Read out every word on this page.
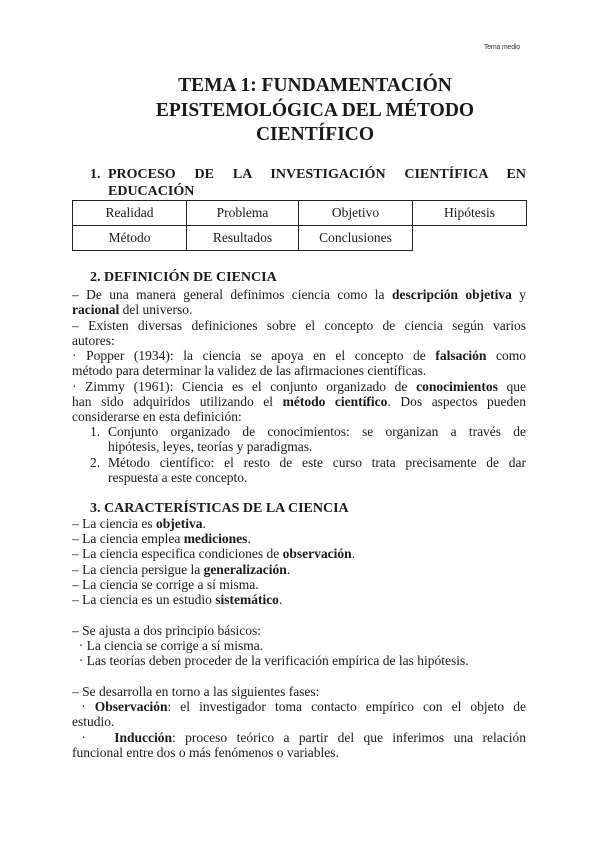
Tema medio
TEMA 1: FUNDAMENTACIÓN
EPISTEMOLÓGICA DEL MÉTODO
CIENTÍFICO
1. PROCESO DE LA INVESTIGACIÓN CIENTÍFICA EN
EDUCACIÓN
Realidad	Problema	Objetivo	Hipótesis
Método	Resultados	Conclusiones	
2. DEFINICIÓN DE CIENCIA
– De una manera general definimos ciencia como la descripción objetiva y
racional del universo.
– Existen diversas definiciones sobre el concepto de ciencia según varios
autores:
· Popper (1934): la ciencia se apoya en el concepto de falsación como
método para determinar la validez de las afirmaciones científicas.
· Zimmy (1961): Ciencia es el conjunto organizado de conocimientos que
han sido adquiridos utilizando el método científico. Dos aspectos pueden
considerarse en esta definición:
1. Conjunto organizado de conocimientos: se organizan a través de
hipótesis, leyes, teorías y paradigmas.
2. Método científico: el resto de este curso trata precisamente de dar
respuesta a este concepto.
3. CARACTERÍSTICAS DE LA CIENCIA
– La ciencia es objetiva.
– La ciencia emplea mediciones.
– La ciencia especifica condiciones de observación.
– La ciencia persigue la generalización.
– La ciencia se corrige a sí misma.
– La ciencia es un estudio sistemático.
– Se ajusta a dos principio básicos:
· La ciencia se corrige a sí misma.
· Las teorías deben proceder de la verificación empírica de las hipótesis.
– Se desarrolla en torno a las siguientes fases:
· Observación: el investigador toma contacto empírico con el objeto de
estudio.
·   Inducción: proceso teórico a partir del que inferimos una relación
funcional entre dos o más fenómenos o variables.
